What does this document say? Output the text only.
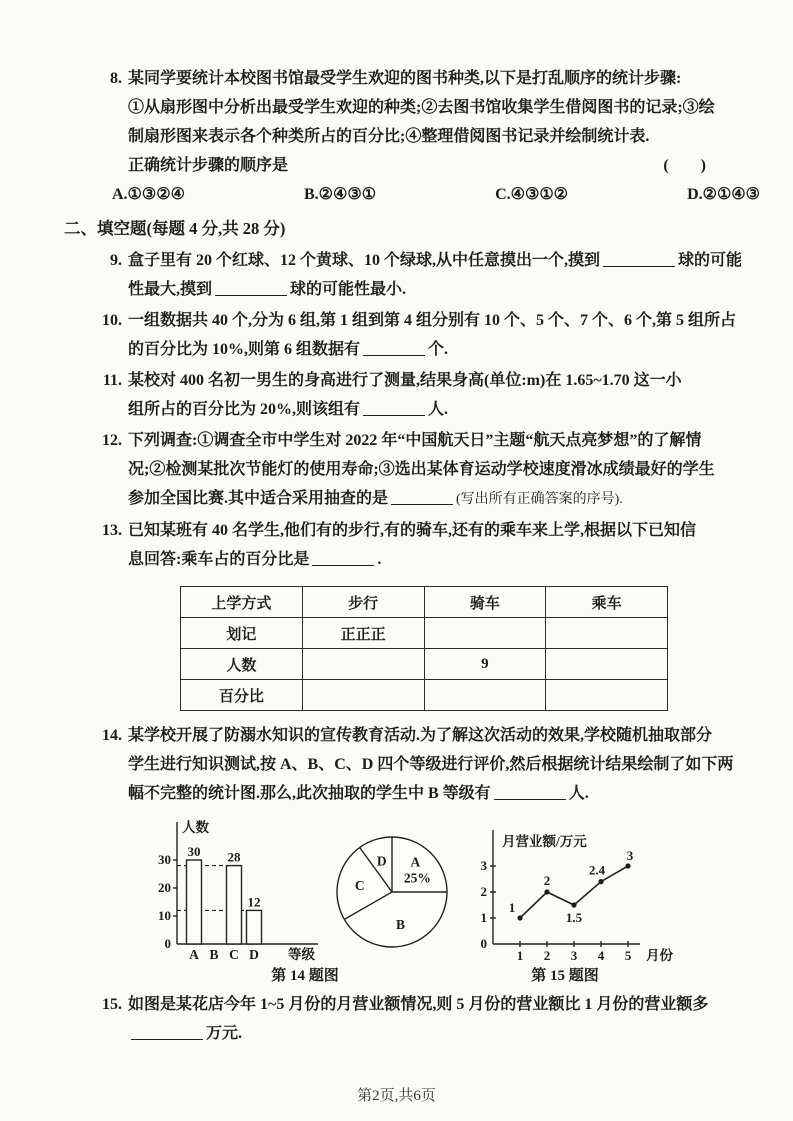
8. 某同学要统计本校图书馆最受学生欢迎的图书种类,以下是打乱顺序的统计步骤:
①从扇形图中分析出最受学生欢迎的种类;②去图书馆收集学生借阅图书的记录;③绘
制扇形图来表示各个种类所占的百分比;④整理借阅图书记录并绘制统计表.
正确统计步骤的顺序是	(　　)
A.①③②④	B.②④③①	C.④③①②	D.②①④③
二、填空题(每题 4 分,共 28 分)
9. 盒子里有 20 个红球、12 个黄球、10 个绿球,从中任意摸出一个,摸到	球的可能
性最大,摸到	球的可能性最小.
10. 一组数据共 40 个,分为 6 组,第 1 组到第 4 组分别有 10 个、5 个、7 个、6 个,第 5 组所占
的百分比为 10%,则第 6 组数据有	个.
11. 某校对 400 名初一男生的身高进行了测量,结果身高(单位:m)在 1.65~1.70 这一小
组所占的百分比为 20%,则该组有	人.
12. 下列调查:①调查全市中学生对 2022 年“中国航天日”主题“航天点亮梦想”的了解情
况;②检测某批次节能灯的使用寿命;③选出某体育运动学校速度滑冰成绩最好的学生
参加全国比赛.其中适合采用抽查的是	(写出所有正确答案的序号).
13. 已知某班有 40 名学生,他们有的步行,有的骑车,还有的乘车来上学,根据以下已知信
息回答:乘车占的百分比是	.
上学方式	步行	骑车	乘车
划记	正正正		
人数		9	
百分比			
14. 某学校开展了防溺水知识的宣传教育活动.为了解这次活动的效果,学校随机抽取部分
学生进行知识测试,按 A、B、C、D 四个等级进行评价,然后根据统计结果绘制了如下两
幅不完整的统计图.那么,此次抽取的学生中 B 等级有	人.
人数
0
10
20
30
A
30
B C
28
D
12
等级
A
25%
B
C
D
第 14 题图
月营业额/万元
0
1
2
3
1 2 3 4 5 月份
1
2
1.5
2.4
3
第 15 题图
15. 如图是某花店今年 1~5 月份的月营业额情况,则 5 月份的营业额比 1 月份的营业额多
万元.
第2页,共6页
